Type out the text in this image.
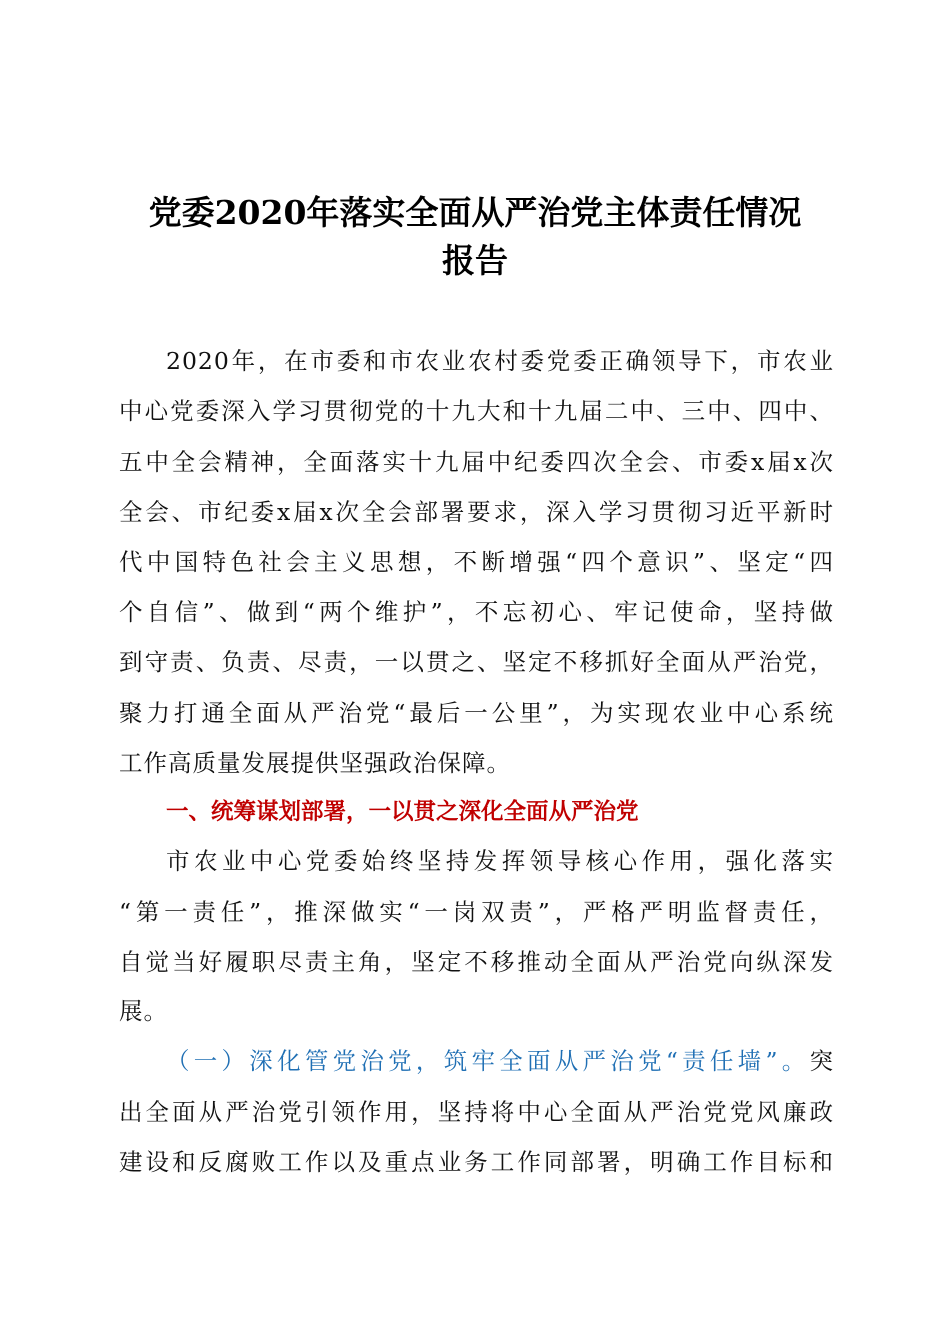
党委2020年落实全面从严治党主体责任情况
报告
2020年，在市委和市农业农村委党委正确领导下，市农业
中心党委深入学习贯彻党的十九大和十九届二中、三中、四中、
五中全会精神，全面落实十九届中纪委四次全会、市委x届x次
全会、市纪委x届x次全会部署要求，深入学习贯彻习近平新时
代中国特色社会主义思想，不断增强“四个意识”、坚定“四
个自信”、做到“两个维护”，不忘初心、牢记使命，坚持做
到守责、负责、尽责，一以贯之、坚定不移抓好全面从严治党，
聚力打通全面从严治党“最后一公里”，为实现农业中心系统
工作高质量发展提供坚强政治保障。
一、统筹谋划部署，一以贯之深化全面从严治党
市农业中心党委始终坚持发挥领导核心作用，强化落实
“第一责任”，推深做实“一岗双责”，严格严明监督责任，
自觉当好履职尽责主角，坚定不移推动全面从严治党向纵深发
展。
（一）深化管党治党，筑牢全面从严治党“责任墙”。突
出全面从严治党引领作用，坚持将中心全面从严治党党风廉政
建设和反腐败工作以及重点业务工作同部署，明确工作目标和
